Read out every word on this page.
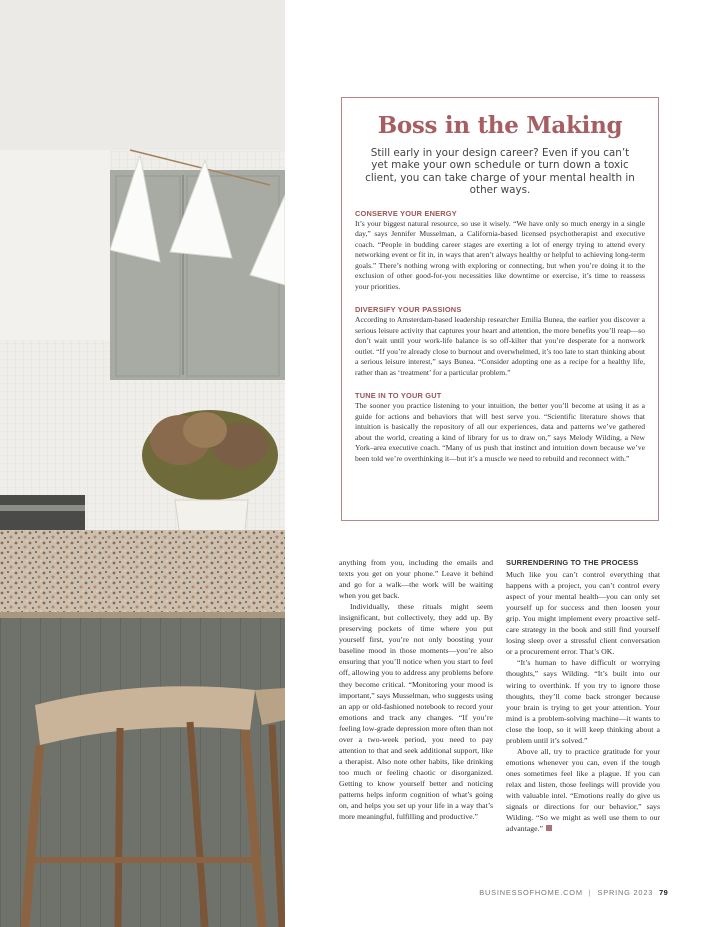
Boss in the Making

Still early in your design career? Even if you can’t yet make your own schedule or turn down a toxic client, you can take charge of your mental health in other ways.

CONSERVE YOUR ENERGY

It’s your biggest natural resource, so use it wisely. “We have only so much energy in a single day,” says Jennifer Musselman, a California-based licensed psychotherapist and executive coach. “People in budding career stages are exerting a lot of energy trying to attend every networking event or fit in, in ways that aren’t always healthy or helpful to achieving long-term goals.” There’s nothing wrong with exploring or connecting, but when you’re doing it to the exclusion of other good-for-you necessities like downtime or exercise, it’s time to reassess your priorities.

DIVERSIFY YOUR PASSIONS

According to Amsterdam-based leadership researcher Emilia Bunea, the earlier you discover a serious leisure activity that captures your heart and attention, the more benefits you’ll reap—so don’t wait until your work-life balance is so off-kilter that you’re desperate for a nonwork outlet. “If you’re already close to burnout and overwhelmed, it’s too late to start thinking about a serious leisure interest,” says Bunea. “Consider adopting one as a recipe for a healthy life, rather than as ‘treatment’ for a particular problem.”

TUNE IN TO YOUR GUT

The sooner you practice listening to your intuition, the better you’ll become at using it as a guide for actions and behaviors that will best serve you. “Scientific literature shows that intuition is basically the repository of all our experiences, data and patterns we’ve gathered about the world, creating a kind of library for us to draw on,” says Melody Wilding, a New York–area executive coach. “Many of us push that instinct and intuition down because we’ve been told we’re overthinking it—but it’s a muscle we need to rebuild and reconnect with.”

anything from you, including the emails and texts you get on your phone.” Leave it behind and go for a walk—the work will be waiting when you get back.

Individually, these rituals might seem insignificant, but collectively, they add up. By preserving pockets of time where you put yourself first, you’re not only boosting your baseline mood in those moments—you’re also ensuring that you’ll notice when you start to feel off, allowing you to address any problems before they become critical. “Monitoring your mood is important,” says Musselman, who suggests using an app or old-fashioned notebook to record your emotions and track any changes. “If you’re feeling low-grade depression more often than not over a two-week period, you need to pay attention to that and seek additional support, like a therapist. Also note other habits, like drinking too much or feeling chaotic or disorganized. Getting to know yourself better and noticing patterns helps inform cognition of what’s going on, and helps you set up your life in a way that’s more meaningful, fulfilling and productive.”

SURRENDERING TO THE PROCESS

Much like you can’t control everything that happens with a project, you can’t control every aspect of your mental health—you can only set yourself up for success and then loosen your grip. You might implement every proactive self-care strategy in the book and still find yourself losing sleep over a stressful client conversation or a procurement error. That’s OK.

“It’s human to have difficult or worrying thoughts,” says Wilding. “It’s built into our wiring to overthink. If you try to ignore those thoughts, they’ll come back stronger because your brain is trying to get your attention. Your mind is a problem-solving machine—it wants to close the loop, so it will keep thinking about a problem until it’s solved.”

Above all, try to practice gratitude for your emotions whenever you can, even if the tough ones sometimes feel like a plague. If you can relax and listen, those feelings will provide you with valuable intel. “Emotions really do give us signals or directions for our behavior,” says Wilding. “So we might as well use them to our advantage.”

BUSINESSOFHOME.COM | SPRING 2023 79
